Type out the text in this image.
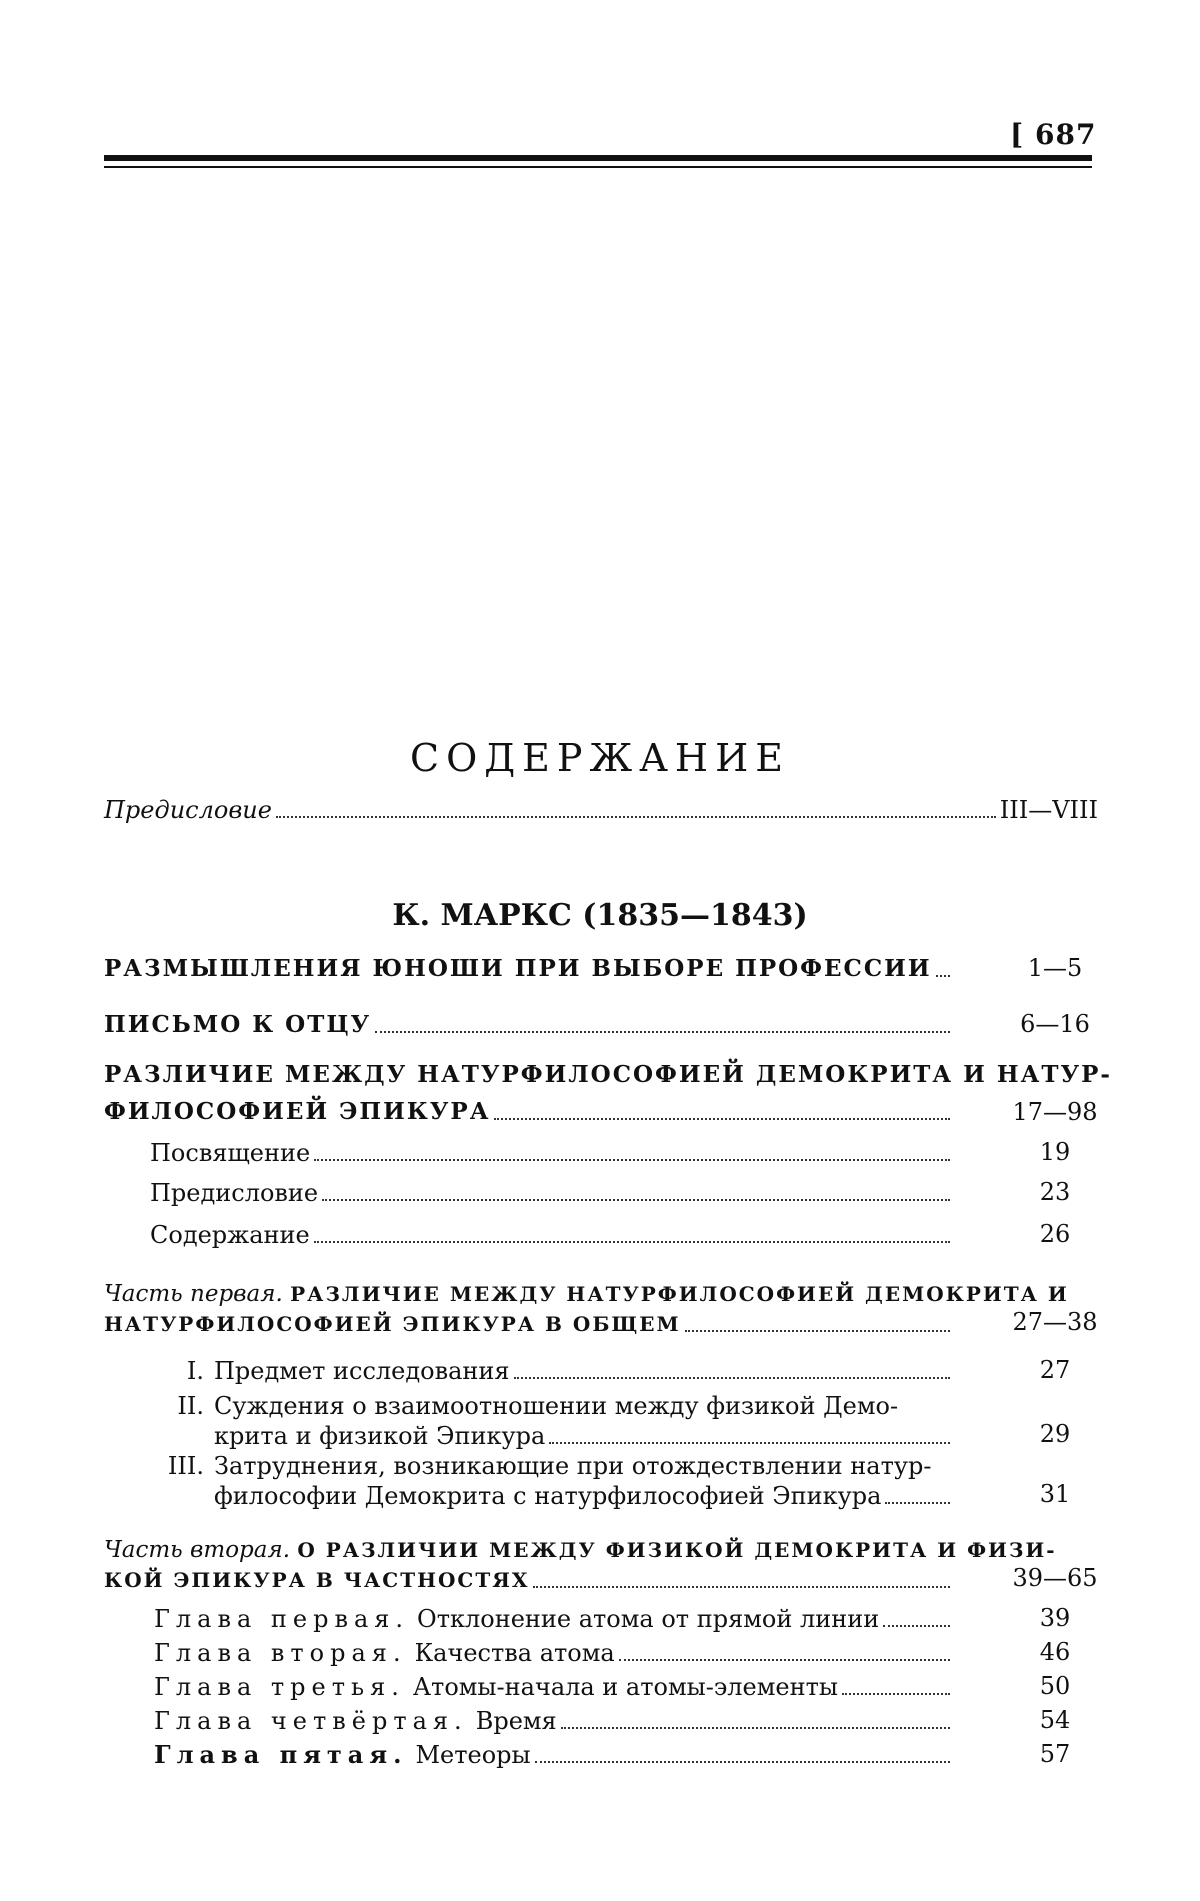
[ 687
СОДЕРЖАНИЕ
Предисловие	III—VIII
К. МАРКС (1835—1843)
РАЗМЫШЛЕНИЯ ЮНОШИ ПРИ ВЫБОРЕ ПРОФЕССИИ	1—5
ПИСЬМО К ОТЦУ	6—16
РАЗЛИЧИЕ МЕЖДУ НАТУРФИЛОСОФИЕЙ ДЕМОКРИТА И НАТУР-
ФИЛОСОФИЕЙ ЭПИКУРА	17—98
Посвящение	19
Предисловие	23
Содержание	26
Часть первая. РАЗЛИЧИЕ МЕЖДУ НАТУРФИЛОСОФИЕЙ ДЕМОКРИТА И
НАТУРФИЛОСОФИЕЙ ЭПИКУРА В ОБЩЕМ	27—38
I. Предмет исследования	27
II. Суждения о взаимоотношении между физикой Демо-
крита и физикой Эпикура	29
III. Затруднения, возникающие при отождествлении натур-
философии Демокрита с натурфилософией Эпикура	31
Часть вторая. О РАЗЛИЧИИ МЕЖДУ ФИЗИКОЙ ДЕМОКРИТА И ФИЗИ-
КОЙ ЭПИКУРА В ЧАСТНОСТЯХ	39—65
Глава первая. Отклонение атома от прямой линии	39
Глава вторая. Качества атома	46
Глава третья. Атомы-начала и атомы-элементы	50
Глава четвёртая. Время	54
Глава пятая. Метеоры	57
